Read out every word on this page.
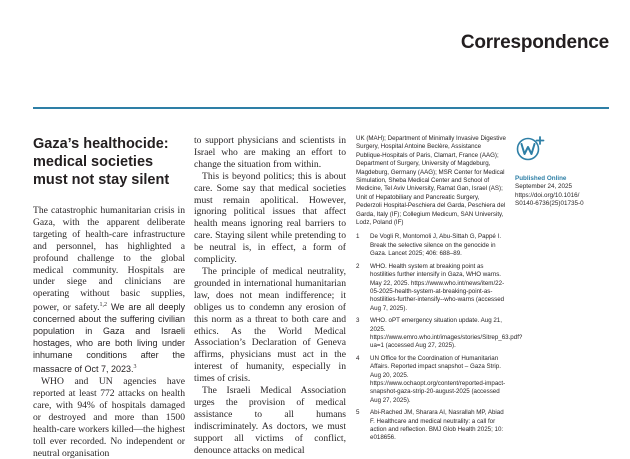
Correspondence
Gaza’s healthocide: medical societies must not stay silent

The catastrophic humanitarian crisis in Gaza, with the apparent deliberate targeting of health-care infrastructure and personnel, has highlighted a profound challenge to the global medical community. Hospitals are under siege and clinicians are operating without basic supplies, power, or safety.$^{1,2}$ We are all deeply concerned about the suffering civilian population in Gaza and Israeli hostages, who are both living under inhumane conditions after the massacre of Oct 7, 2023.$^3$

WHO and UN agencies have reported at least 772 attacks on health care, with 94% of hospitals damaged or destroyed and more than 1500 health-care workers killed—the highest toll ever recorded. No independent or neutral organisation

to support physicians and scientists in Israel who are making an effort to change the situation from within.

This is beyond politics; this is about care. Some say that medical societies must remain apolitical. However, ignoring political issues that affect health means ignoring real barriers to care. Staying silent while pretending to be neutral is, in effect, a form of complicity.

The principle of medical neutrality, grounded in international humanitarian law, does not mean indifference; it obliges us to condemn any erosion of this norm as a threat to both care and ethics. As the World Medical Association’s Declaration of Geneva affirms, physicians must act in the interest of humanity, especially in times of crisis.

The Israeli Medical Association urges the provision of medical assistance to all humans indiscriminately. As doctors, we must support all victims of conflict, denounce attacks on medical

UK (MAH); Department of Minimally Invasive Digestive Surgery, Hospital Antoine Beclère, Assistance Publique-Hospitals of Paris, Clamart, France (AAG); Department of Surgery, University of Magdeburg, Magdeburg, Germany (AAG); MSR Center for Medical Simulation, Sheba Medical Center and School of Medicine, Tel Aviv University, Ramat Gan, Israel (AS); Unit of Hepatobiliary and Pancreatic Surgery, Pederzoli Hospital-Peschiera del Garda, Peschiera del Garda, Italy (IF); Collegium Medicum, SAN University, Lodz, Poland (IF)

1 De Vogli R, Montomoli J, Abu-Sittah G, Pappé I. Break the selective silence on the genocide in Gaza. Lancet 2025; 406: 688–89.
2 WHO. Health system at breaking point as hostilities further intensify in Gaza, WHO warns. May 22, 2025. https://www.who.int/news/item/22-05-2025-health-system-at-breaking-point-as-hostilities-further-intensify--who-warns (accessed Aug 7, 2025).
3 WHO. oPT emergency situation update. Aug 21, 2025. https://www.emro.who.int/images/stories/Sitrep_63.pdf?ua=1 (accessed Aug 27, 2025).
4 UN Office for the Coordination of Humanitarian Affairs. Reported impact snapshot – Gaza Strip. Aug 20, 2025. https://www.ochaopt.org/content/reported-impact-snapshot-gaza-strip-20-august-2025 (accessed Aug 27, 2025).
5 Abi-Rached JM, Sharara AI, Nasrallah MP, Abiad F. Healthcare and medical neutrality: a call for action and reflection. BMJ Glob Health 2025; 10: e018656.
Published Online
September 24, 2025
https://doi.org/10.1016/
S0140-6736(25)01735-0
